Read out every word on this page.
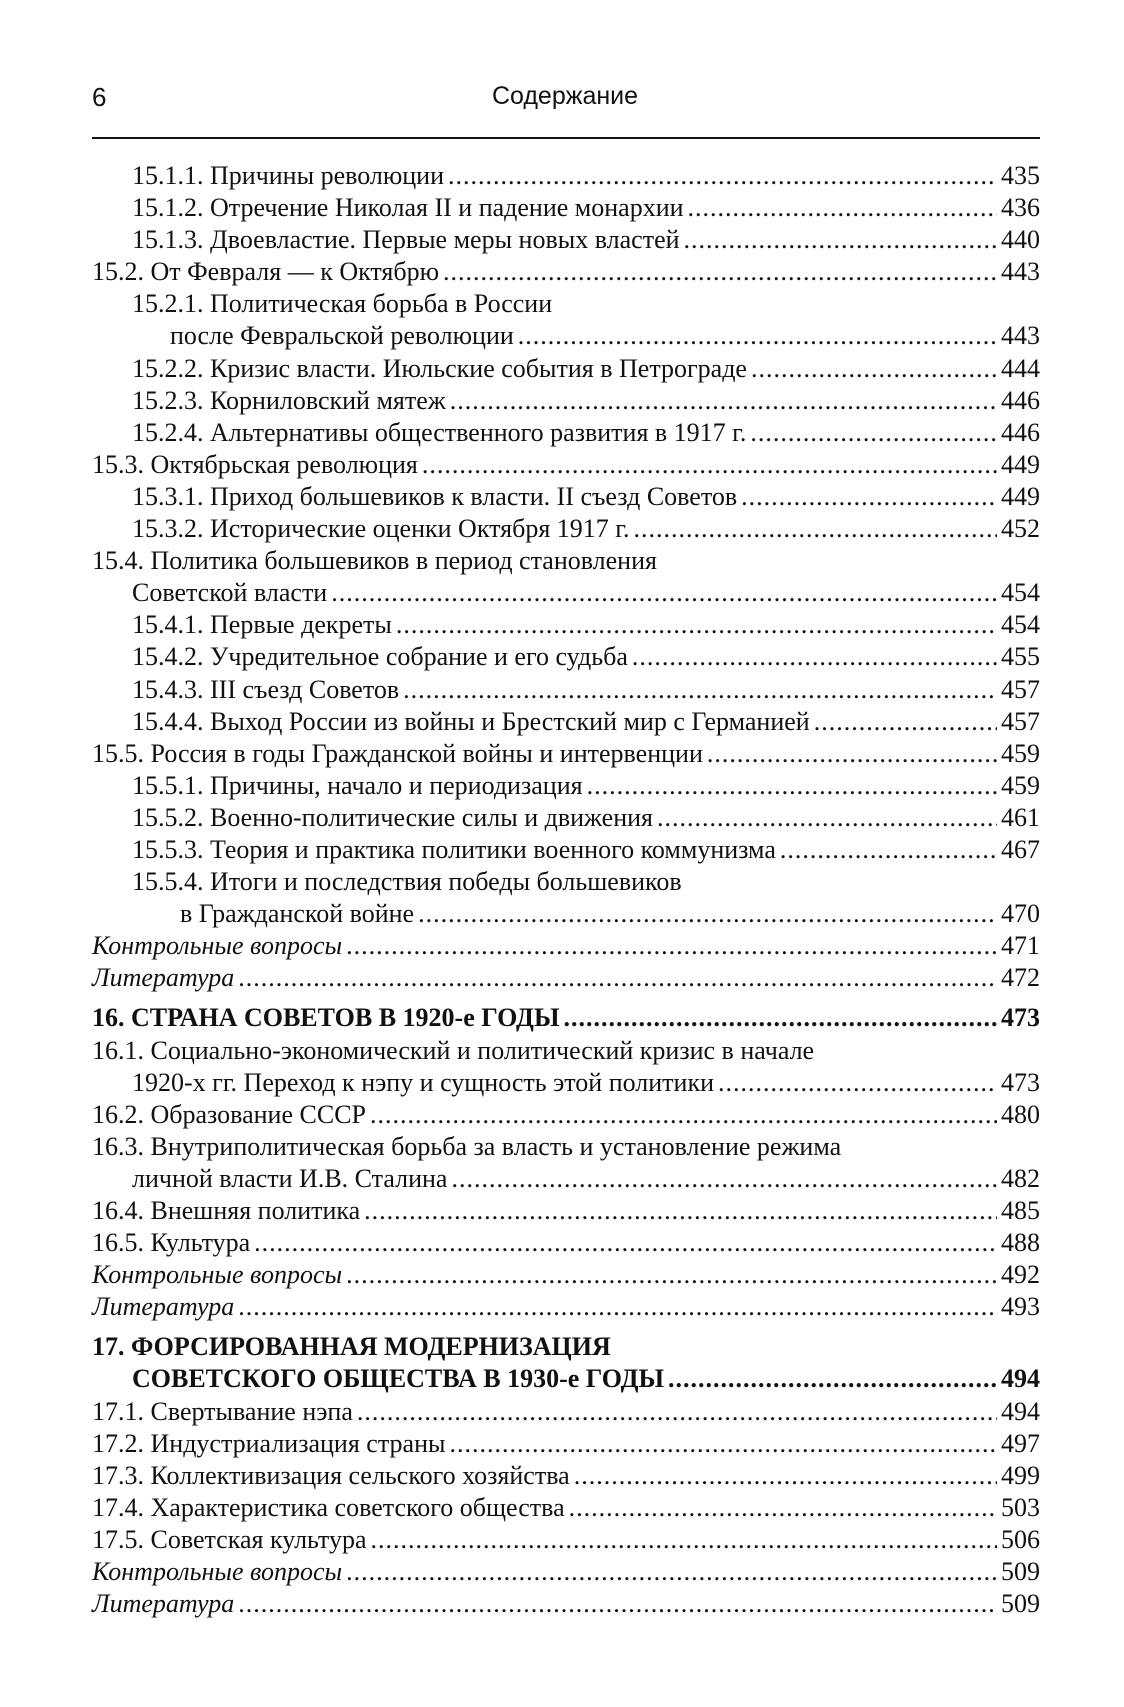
6	Содержание
15.1.1. Причины революции .....	435
15.1.2. Отречение Николая II и падение монархии .....	436
15.1.3. Двоевластие. Первые меры новых властей .....	440
15.2. От Февраля — к Октябрю .....	443
15.2.1. Политическая борьба в России
после Февральской революции .....	443
15.2.2. Кризис власти. Июльские события в Петрограде .....	444
15.2.3. Корниловский мятеж .....	446
15.2.4. Альтернативы общественного развития в 1917 г. .....	446
15.3. Октябрьская революция .....	449
15.3.1. Приход большевиков к власти. II съезд Советов .....	449
15.3.2. Исторические оценки Октября 1917 г. .....	452
15.4. Политика большевиков в период становления
Советской власти .....	454
15.4.1. Первые декреты .....	454
15.4.2. Учредительное собрание и его судьба .....	455
15.4.3. III съезд Советов .....	457
15.4.4. Выход России из войны и Брестский мир с Германией .....	457
15.5. Россия в годы Гражданской войны и интервенции .....	459
15.5.1. Причины, начало и периодизация .....	459
15.5.2. Военно-политические силы и движения .....	461
15.5.3. Теория и практика политики военного коммунизма .....	467
15.5.4. Итоги и последствия победы большевиков
в Гражданской войне .....	470
Контрольные вопросы .....	471
Литература .....	472
16. СТРАНА СОВЕТОВ В 1920-е ГОДЫ .....	473
16.1. Социально-экономический и политический кризис в начале
1920-х гг. Переход к нэпу и сущность этой политики .....	473
16.2. Образование СССР .....	480
16.3. Внутриполитическая борьба за власть и установление режима
личной власти И.В. Сталина .....	482
16.4. Внешняя политика .....	485
16.5. Культура .....	488
Контрольные вопросы .....	492
Литература .....	493
17. ФОРСИРОВАННАЯ МОДЕРНИЗАЦИЯ
СОВЕТСКОГО ОБЩЕСТВА В 1930-е ГОДЫ .....	494
17.1. Свертывание нэпа .....	494
17.2. Индустриализация страны .....	497
17.3. Коллективизация сельского хозяйства .....	499
17.4. Характеристика советского общества .....	503
17.5. Советская культура .....	506
Контрольные вопросы .....	509
Литература .....	509
